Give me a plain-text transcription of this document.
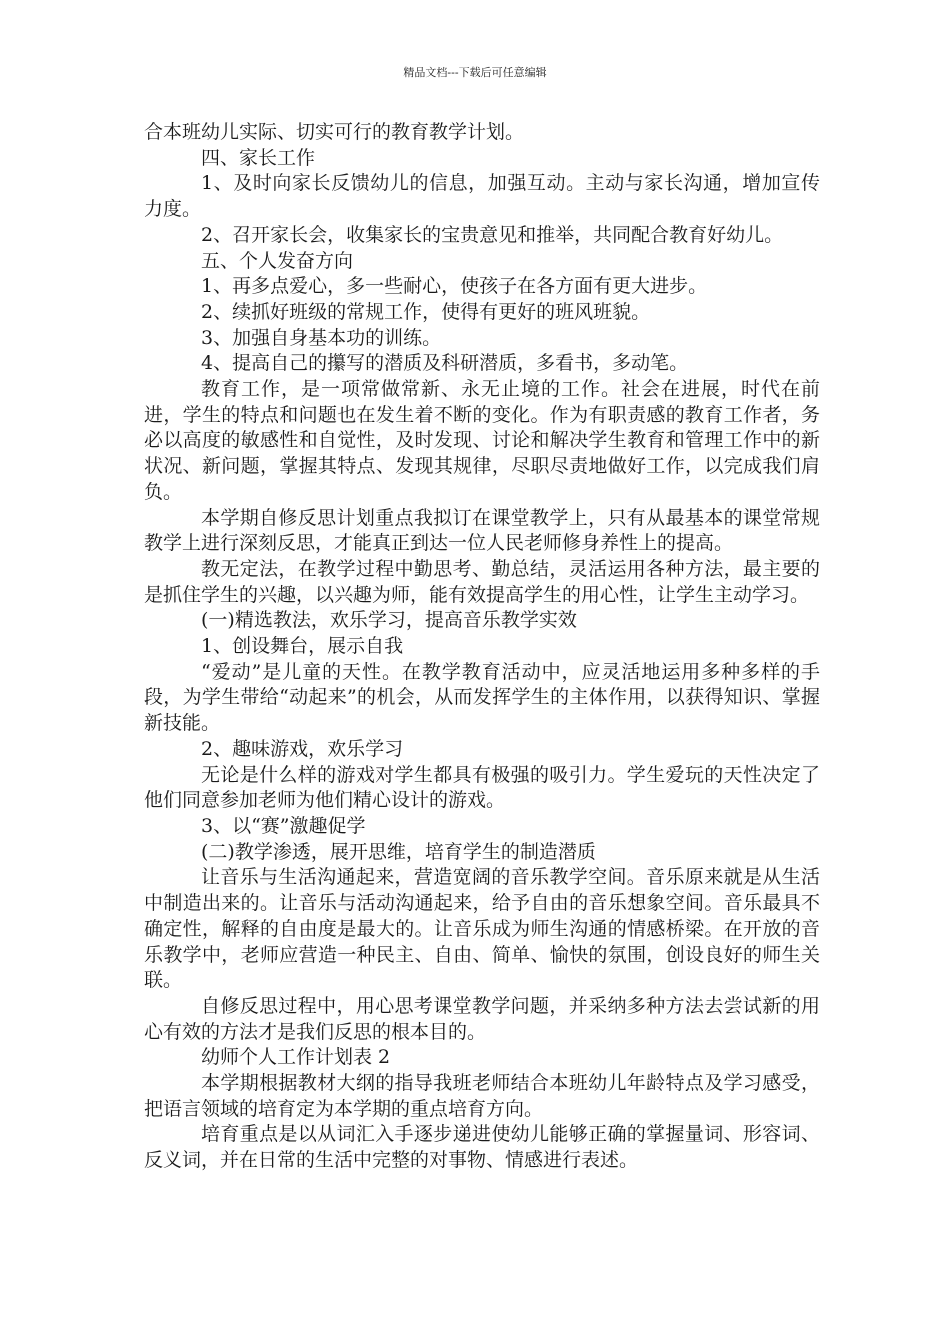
精品文档---下载后可任意编辑

合本班幼儿实际、切实可行的教育教学计划。

四、家长工作

1、及时向家长反馈幼儿的信息，加强互动。主动与家长沟通，增加宣传力度。

2、召开家长会，收集家长的宝贵意见和推举，共同配合教育好幼儿。

五、个人发奋方向

1、再多点爱心，多一些耐心，使孩子在各方面有更大进步。

2、续抓好班级的常规工作，使得有更好的班风班貌。

3、加强自身基本功的训练。

4、提高自己的攥写的潜质及科研潜质，多看书，多动笔。

教育工作，是一项常做常新、永无止境的工作。社会在进展，时代在前进，学生的特点和问题也在发生着不断的变化。作为有职责感的教育工作者，务必以高度的敏感性和自觉性，及时发现、讨论和解决学生教育和管理工作中的新状况、新问题，掌握其特点、发现其规律，尽职尽责地做好工作，以完成我们肩负。

本学期自修反思计划重点我拟订在课堂教学上，只有从最基本的课堂常规教学上进行深刻反思，才能真正到达一位人民老师修身养性上的提高。

教无定法，在教学过程中勤思考、勤总结，灵活运用各种方法，最主要的是抓住学生的兴趣，以兴趣为师，能有效提高学生的用心性，让学生主动学习。

(一)精选教法，欢乐学习，提高音乐教学实效

1、创设舞台，展示自我

“爱动”是儿童的天性。在教学教育活动中，应灵活地运用多种多样的手段，为学生带给“动起来”的机会，从而发挥学生的主体作用，以获得知识、掌握新技能。

2、趣味游戏，欢乐学习

无论是什么样的游戏对学生都具有极强的吸引力。学生爱玩的天性决定了他们同意参加老师为他们精心设计的游戏。

3、以“赛”激趣促学

(二)教学渗透，展开思维，培育学生的制造潜质

让音乐与生活沟通起来，营造宽阔的音乐教学空间。音乐原来就是从生活中制造出来的。让音乐与活动沟通起来，给予自由的音乐想象空间。音乐最具不确定性，解释的自由度是最大的。让音乐成为师生沟通的情感桥梁。在开放的音乐教学中，老师应营造一种民主、自由、简单、愉快的氛围，创设良好的师生关联。

自修反思过程中，用心思考课堂教学问题，并采纳多种方法去尝试新的用心有效的方法才是我们反思的根本目的。

幼师个人工作计划表 2

本学期根据教材大纲的指导我班老师结合本班幼儿年龄特点及学习感受，把语言领域的培育定为本学期的重点培育方向。

培育重点是以从词汇入手逐步递进使幼儿能够正确的掌握量词、形容词、反义词，并在日常的生活中完整的对事物、情感进行表述。
